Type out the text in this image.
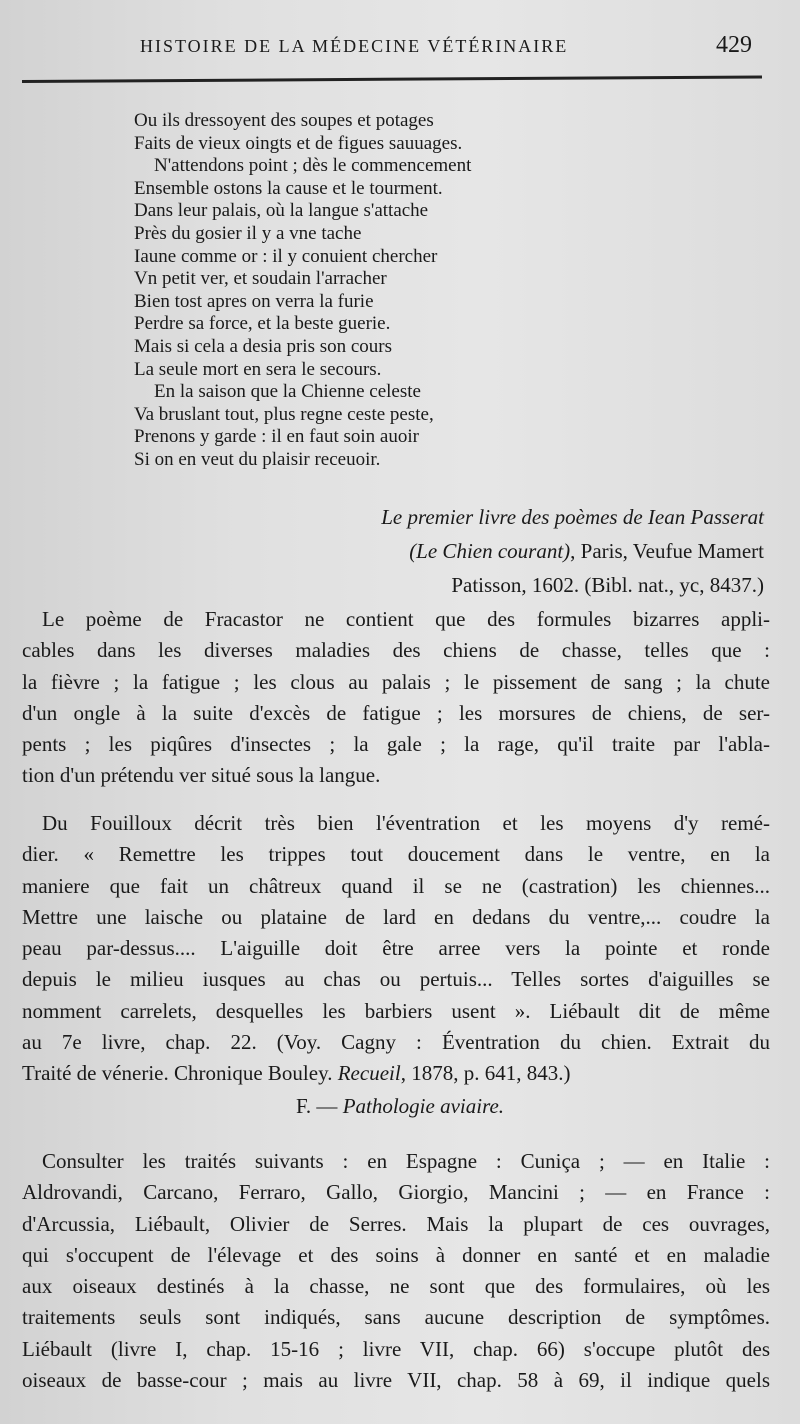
HISTOIRE DE LA MÉDECINE VÉTÉRINAIRE	429
Ou ils dressoyent des soupes et potages
Faits de vieux oingts et de figues sauuages.
N'attendons point ; dès le commencement
Ensemble ostons la cause et le tourment.
Dans leur palais, où la langue s'attache
Près du gosier il y a vne tache
Iaune comme or : il y conuient chercher
Vn petit ver, et soudain l'arracher
Bien tost apres on verra la furie
Perdre sa force, et la beste guerie.
Mais si cela a desia pris son cours
La seule mort en sera le secours.
En la saison que la Chienne celeste
Va bruslant tout, plus regne ceste peste,
Prenons y garde : il en faut soin auoir
Si on en veut du plaisir receuoir.
Le premier livre des poèmes de Iean Passerat
(Le Chien courant), Paris, Veufue Mamert
Patisson, 1602. (Bibl. nat., yc, 8437.)
Le poème de Fracastor ne contient que des formules bizarres appli-
cables dans les diverses maladies des chiens de chasse, telles que :
la fièvre ; la fatigue ; les clous au palais ; le pissement de sang ; la chute
d'un ongle à la suite d'excès de fatigue ; les morsures de chiens, de ser-
pents ; les piqûres d'insectes ; la gale ; la rage, qu'il traite par l'abla-
tion d'un prétendu ver situé sous la langue.
Du Fouilloux décrit très bien l'éventration et les moyens d'y remé-
dier. « Remettre les trippes tout doucement dans le ventre, en la
maniere que fait un châtreux quand il se ne (castration) les chiennes...
Mettre une laische ou plataine de lard en dedans du ventre,... coudre la
peau par-dessus.... L'aiguille doit être arree vers la pointe et ronde
depuis le milieu iusques au chas ou pertuis... Telles sortes d'aiguilles se
nomment carrelets, desquelles les barbiers usent ». Liébault dit de même
au 7e livre, chap. 22. (Voy. Cagny : Éventration du chien. Extrait du
Traité de vénerie. Chronique Bouley. Recueil, 1878, p. 641, 843.)
F. — Pathologie aviaire.
Consulter les traités suivants : en Espagne : Cuniça ; — en Italie :
Aldrovandi, Carcano, Ferraro, Gallo, Giorgio, Mancini ; — en France :
d'Arcussia, Liébault, Olivier de Serres. Mais la plupart de ces ouvrages,
qui s'occupent de l'élevage et des soins à donner en santé et en maladie
aux oiseaux destinés à la chasse, ne sont que des formulaires, où les
traitements seuls sont indiqués, sans aucune description de symptômes.
Liébault (livre I, chap. 15-16 ; livre VII, chap. 66) s'occupe plutôt des
oiseaux de basse-cour ; mais au livre VII, chap. 58 à 69, il indique quels
